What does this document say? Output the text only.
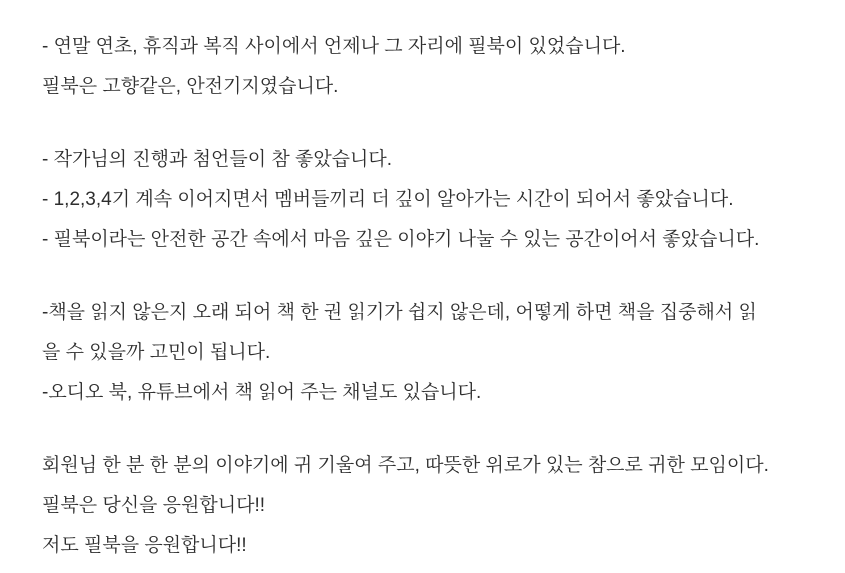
- 연말 연초, 휴직과 복직 사이에서 언제나 그 자리에 필북이 있었습니다.
필북은 고향같은, 안전기지였습니다.
- 작가님의 진행과 첨언들이 참 좋았습니다.
- 1,2,3,4기 계속 이어지면서 멤버들끼리 더 깊이 알아가는 시간이 되어서 좋았습니다.
- 필북이라는 안전한 공간 속에서 마음 깊은 이야기 나눌 수 있는 공간이어서 좋았습니다.
-책을 읽지 않은지 오래 되어 책 한 권 읽기가 쉽지 않은데, 어떻게 하면 책을 집중해서 읽
을 수 있을까 고민이 됩니다.
-오디오 북, 유튜브에서 책 읽어 주는 채널도 있습니다.
회원님 한 분 한 분의 이야기에 귀 기울여 주고, 따뜻한 위로가 있는 참으로 귀한 모임이다.
필북은 당신을 응원합니다!!
저도 필북을 응원합니다!!
